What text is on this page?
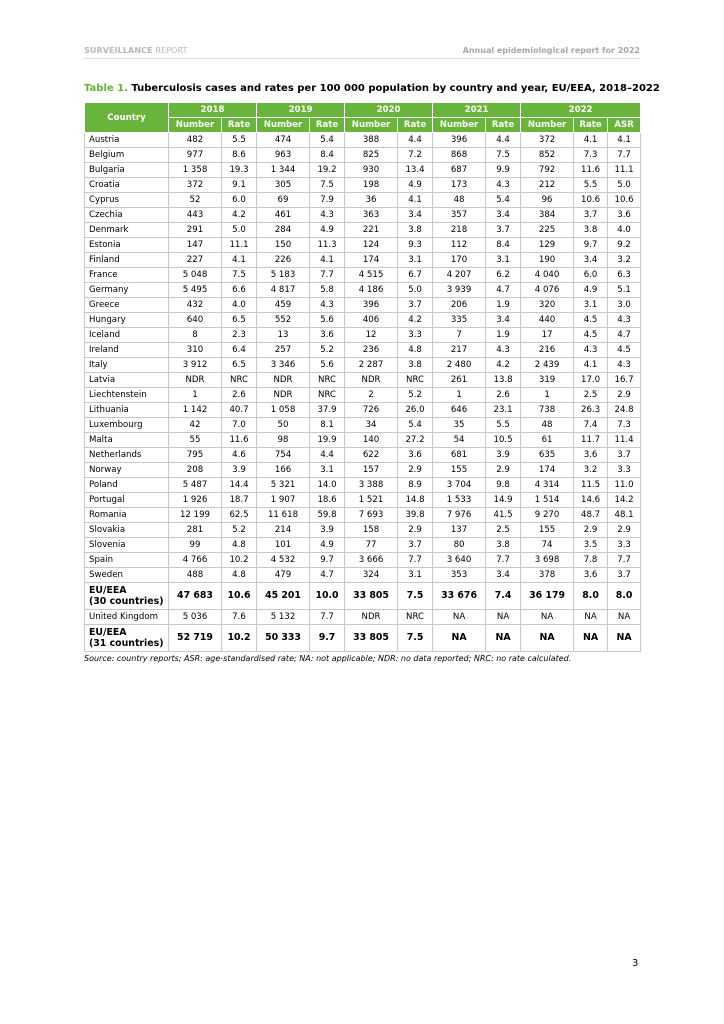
SURVEILLANCE REPORT	Annual epidemiological report for 2022
Table 1. Tuberculosis cases and rates per 100 000 population by country and year, EU/EEA, 2018–2022
Country	2018		2019		2020		2021		2022		
	Number	Rate	Number	Rate	Number	Rate	Number	Rate	Number	Rate	ASR
Austria	482	5.5	474	5.4	388	4.4	396	4.4	372	4.1	4.1
Belgium	977	8.6	963	8.4	825	7.2	868	7.5	852	7.3	7.7
Bulgaria	1 358	19.3	1 344	19.2	930	13.4	687	9.9	792	11.6	11.1
Croatia	372	9.1	305	7.5	198	4.9	173	4.3	212	5.5	5.0
Cyprus	52	6.0	69	7.9	36	4.1	48	5.4	96	10.6	10.6
Czechia	443	4.2	461	4.3	363	3.4	357	3.4	384	3.7	3.6
Denmark	291	5.0	284	4.9	221	3.8	218	3.7	225	3.8	4.0
Estonia	147	11.1	150	11.3	124	9.3	112	8.4	129	9.7	9.2
Finland	227	4.1	226	4.1	174	3.1	170	3.1	190	3.4	3.2
France	5 048	7.5	5 183	7.7	4 515	6.7	4 207	6.2	4 040	6.0	6.3
Germany	5 495	6.6	4 817	5.8	4 186	5.0	3 939	4.7	4 076	4.9	5.1
Greece	432	4.0	459	4.3	396	3.7	206	1.9	320	3.1	3.0
Hungary	640	6.5	552	5.6	406	4.2	335	3.4	440	4.5	4.3
Iceland	8	2.3	13	3.6	12	3.3	7	1.9	17	4.5	4.7
Ireland	310	6.4	257	5.2	236	4.8	217	4.3	216	4.3	4.5
Italy	3 912	6.5	3 346	5.6	2 287	3.8	2 480	4.2	2 439	4.1	4.3
Latvia	NDR	NRC	NDR	NRC	NDR	NRC	261	13.8	319	17.0	16.7
Liechtenstein	1	2.6	NDR	NRC	2	5.2	1	2.6	1	2.5	2.9
Lithuania	1 142	40.7	1 058	37.9	726	26.0	646	23.1	738	26.3	24.8
Luxembourg	42	7.0	50	8.1	34	5.4	35	5.5	48	7.4	7.3
Malta	55	11.6	98	19.9	140	27.2	54	10.5	61	11.7	11.4
Netherlands	795	4.6	754	4.4	622	3.6	681	3.9	635	3.6	3.7
Norway	208	3.9	166	3.1	157	2.9	155	2.9	174	3.2	3.3
Poland	5 487	14.4	5 321	14.0	3 388	8.9	3 704	9.8	4 314	11.5	11.0
Portugal	1 926	18.7	1 907	18.6	1 521	14.8	1 533	14.9	1 514	14.6	14.2
Romania	12 199	62.5	11 618	59.8	7 693	39.8	7 976	41.5	9 270	48.7	48.1
Slovakia	281	5.2	214	3.9	158	2.9	137	2.5	155	2.9	2.9
Slovenia	99	4.8	101	4.9	77	3.7	80	3.8	74	3.5	3.3
Spain	4 766	10.2	4 532	9.7	3 666	7.7	3 640	7.7	3 698	7.8	7.7
Sweden	488	4.8	479	4.7	324	3.1	353	3.4	378	3.6	3.7
EU/EEA
(30 countries)	47 683	10.6	45 201	10.0	33 805	7.5	33 676	7.4	36 179	8.0	8.0
United Kingdom	5 036	7.6	5 132	7.7	NDR	NRC	NA	NA	NA	NA	NA
EU/EEA
(31 countries)	52 719	10.2	50 333	9.7	33 805	7.5	NA	NA	NA	NA	NA
Source: country reports; ASR: age-standardised rate; NA: not applicable; NDR: no data reported; NRC: no rate calculated.
3
